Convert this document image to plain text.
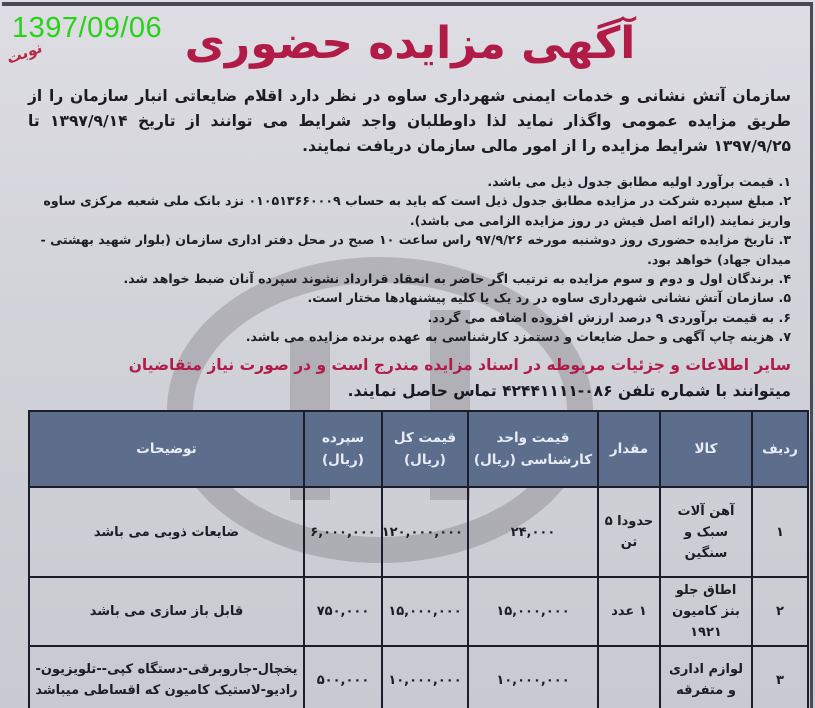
1397/09/06
نوبت	آگهی مزایده حضوری
سازمان آتش نشانی و خدمات ایمنی شهرداری ساوه در نظر دارد اقلام ضایعاتی انبار سازمان را از طریق مزایده عمومی واگذار نماید لذا داوطلبان واجد شرایط می توانند از تاریخ ۱۳۹۷/۹/۱۴ تا ۱۳۹۷/۹/۲۵ شرایط مزایده را از امور مالی سازمان دریافت نمایند.
۱. قیمت برآورد اولیه مطابق جدول ذیل می باشد.
۲. مبلغ سپرده شرکت در مزایده مطابق جدول ذیل است که باید به حساب ۰۱۰۵۱۳۶۶۰۰۰۹ نزد بانک ملی شعبه مرکزی ساوه واریز نمایند (ارائه اصل فیش در روز مزایده الزامی می باشد).
۳. تاریخ مزایده حضوری روز دوشنبه مورخه ۹۷/۹/۲۶ راس ساعت ۱۰ صبح در محل دفتر اداری سازمان (بلوار شهید بهشتی - میدان جهاد) خواهد بود.
۴. برندگان اول و دوم و سوم مزایده به ترتیب اگر حاضر به انعقاد قرارداد نشوند سپرده آنان ضبط خواهد شد.
۵. سازمان آتش نشانی شهرداری ساوه در رد یک یا کلیه پیشنهادها مختار است.
۶. به قیمت برآوردی ۹ درصد ارزش افزوده اضافه می گردد.
۷. هزینه چاپ آگهی و حمل ضایعات و دستمزد کارشناسی به عهده برنده مزایده می باشد.
سایر اطلاعات و جزئیات مربوطه در اسناد مزایده مندرج است و در صورت نیاز متقاضیان
میتوانند با شماره تلفن ۰۸۶-۴۲۴۴۱۱۱۱ تماس حاصل نمایند.
ردیف	کالا	مقدار	قیمت واحد کارشناسی (ریال)	قیمت کل (ریال)	سپرده (ریال)	توضیحات
۱	آهن آلات سبک و سنگین	حدودا ۵ تن	۲۴,۰۰۰	۱۲۰,۰۰۰,۰۰۰	۶,۰۰۰,۰۰۰	ضایعات ذوبی می باشد
۲	اطاق جلو بنز کامیون ۱۹۲۱	۱ عدد	۱۵,۰۰۰,۰۰۰	۱۵,۰۰۰,۰۰۰	۷۵۰,۰۰۰	قابل باز سازی می باشد
۳	لوازم اداری و متفرقه		۱۰,۰۰۰,۰۰۰	۱۰,۰۰۰,۰۰۰	۵۰۰,۰۰۰	یخچال-جاروبرقی-دستگاه کپی--تلویزیون-رادیو-لاستیک کامیون که اقساطی میباشد
